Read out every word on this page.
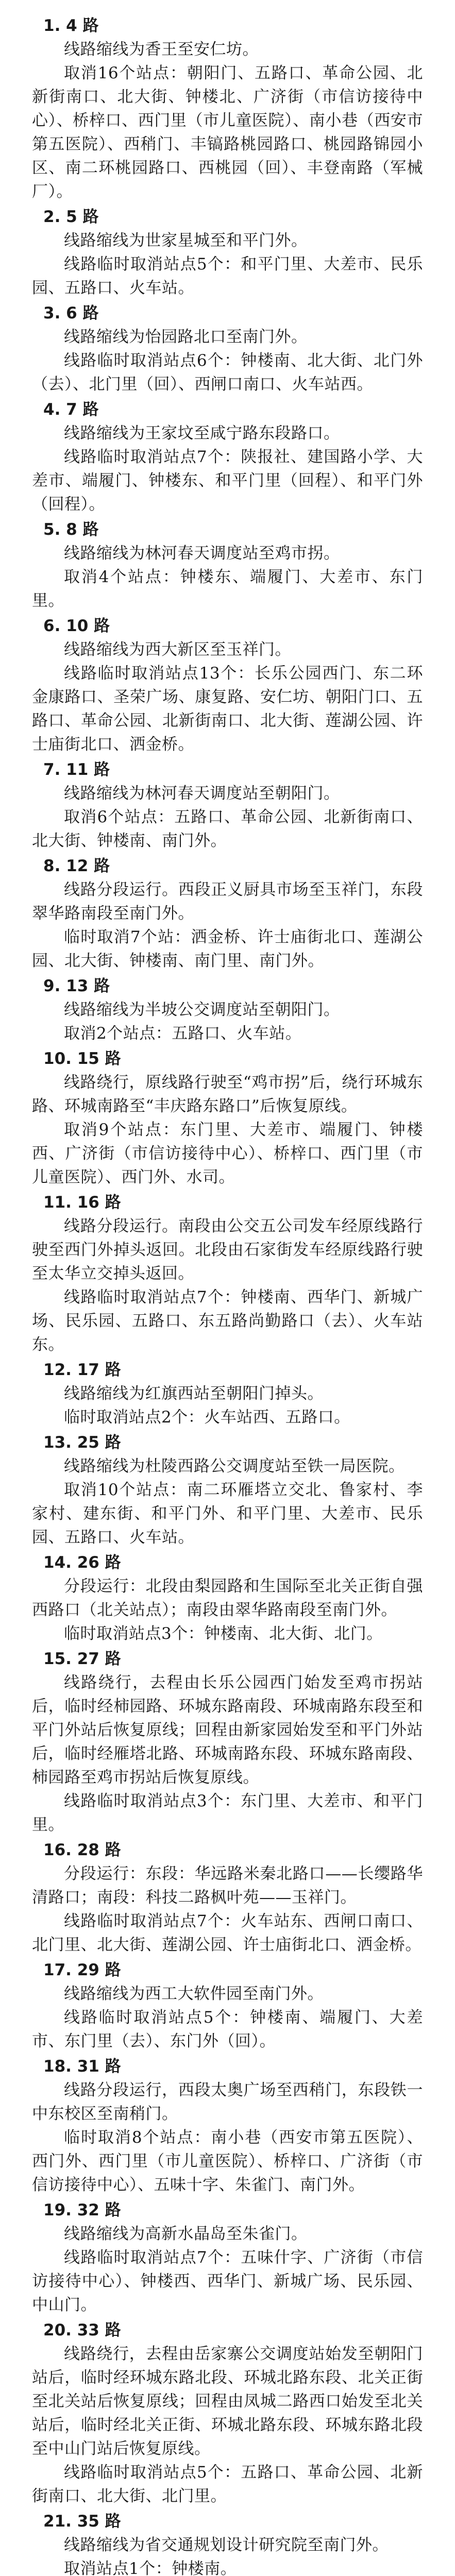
1. 4 路

线路缩线为香王至安仁坊。

取消16个站点：朝阳门、五路口、革命公园、北新街南口、北大街、钟楼北、广济街（市信访接待中心）、桥梓口、西门里（市儿童医院）、南小巷（西安市第五医院）、西稍门、丰镐路桃园路口、桃园路锦园小区、南二环桃园路口、西桃园（回）、丰登南路（军械厂）。

2. 5 路

线路缩线为世家星城至和平门外。

线路临时取消站点5个：和平门里、大差市、民乐园、五路口、火车站。

3. 6 路

线路缩线为怡园路北口至南门外。

线路临时取消站点6个：钟楼南、北大街、北门外（去）、北门里（回）、西闸口南口、火车站西。

4. 7 路

线路缩线为王家坟至咸宁路东段路口。

线路临时取消站点7个：陕报社、建国路小学、大差市、端履门、钟楼东、和平门里（回程）、和平门外（回程）。

5. 8 路

线路缩线为林河春天调度站至鸡市拐。

取消4个站点：钟楼东、端履门、大差市、东门里。

6. 10 路

线路缩线为西大新区至玉祥门。

线路临时取消站点13个：长乐公园西门、东二环金康路口、圣荣广场、康复路、安仁坊、朝阳门口、五路口、革命公园、北新街南口、北大街、莲湖公园、许士庙街北口、洒金桥。

7. 11 路

线路缩线为林河春天调度站至朝阳门。

取消6个站点：五路口、革命公园、北新街南口、北大街、钟楼南、南门外。

8. 12 路

线路分段运行。西段正义厨具市场至玉祥门，东段翠华路南段至南门外。

临时取消7个站：洒金桥、许士庙街北口、莲湖公园、北大街、钟楼南、南门里、南门外。

9. 13 路

线路缩线为半坡公交调度站至朝阳门。

取消2个站点：五路口、火车站。

10. 15 路

线路绕行，原线路行驶至“鸡市拐”后，绕行环城东路、环城南路至“丰庆路东路口”后恢复原线。

取消9个站点：东门里、大差市、端履门、钟楼西、广济街（市信访接待中心）、桥梓口、西门里（市儿童医院）、西门外、水司。

11. 16 路

线路分段运行。南段由公交五公司发车经原线路行驶至西门外掉头返回。北段由石家街发车经原线路行驶至太华立交掉头返回。

线路临时取消站点7个：钟楼南、西华门、新城广场、民乐园、五路口、东五路尚勤路口（去）、火车站东。

12. 17 路

线路缩线为红旗西站至朝阳门掉头。

临时取消站点2个：火车站西、五路口。

13. 25 路

线路缩线为杜陵西路公交调度站至铁一局医院。

取消10个站点：南二环雁塔立交北、鲁家村、李家村、建东街、和平门外、和平门里、大差市、民乐园、五路口、火车站。

14. 26 路

分段运行：北段由梨园路和生国际至北关正街自强西路口（北关站点）；南段由翠华路南段至南门外。

临时取消站点3个：钟楼南、北大街、北门。

15. 27 路

线路绕行，去程由长乐公园西门始发至鸡市拐站后，临时经柿园路、环城东路南段、环城南路东段至和平门外站后恢复原线；回程由新家园始发至和平门外站后，临时经雁塔北路、环城南路东段、环城东路南段、柿园路至鸡市拐站后恢复原线。

线路临时取消站点3个：东门里、大差市、和平门里。

16. 28 路

分段运行：东段：华远路米秦北路口——长缨路华清路口；南段：科技二路枫叶苑——玉祥门。

线路临时取消站点7个：火车站东、西闸口南口、北门里、北大街、莲湖公园、许士庙街北口、洒金桥。

17. 29 路

线路缩线为西工大软件园至南门外。

线路临时取消站点5个：钟楼南、端履门、大差市、东门里（去）、东门外（回）。

18. 31 路

线路分段运行，西段太奥广场至西稍门，东段铁一中东校区至南稍门。

临时取消8个站点：南小巷（西安市第五医院）、西门外、西门里（市儿童医院）、桥梓口、广济街（市信访接待中心）、五味十字、朱雀门、南门外。

19. 32 路

线路缩线为高新水晶岛至朱雀门。

线路临时取消站点7个：五味什字、广济街（市信访接待中心）、钟楼西、西华门、新城广场、民乐园、中山门。

20. 33 路

线路绕行，去程由岳家寨公交调度站始发至朝阳门站后，临时经环城东路北段、环城北路东段、北关正街至北关站后恢复原线；回程由凤城二路西口始发至北关站后，临时经北关正街、环城北路东段、环城东路北段至中山门站后恢复原线。

线路临时取消站点5个：五路口、革命公园、北新街南口、北大街、北门里。

21. 35 路

线路缩线为省交通规划设计研究院至南门外。

取消站点1个：钟楼南。
